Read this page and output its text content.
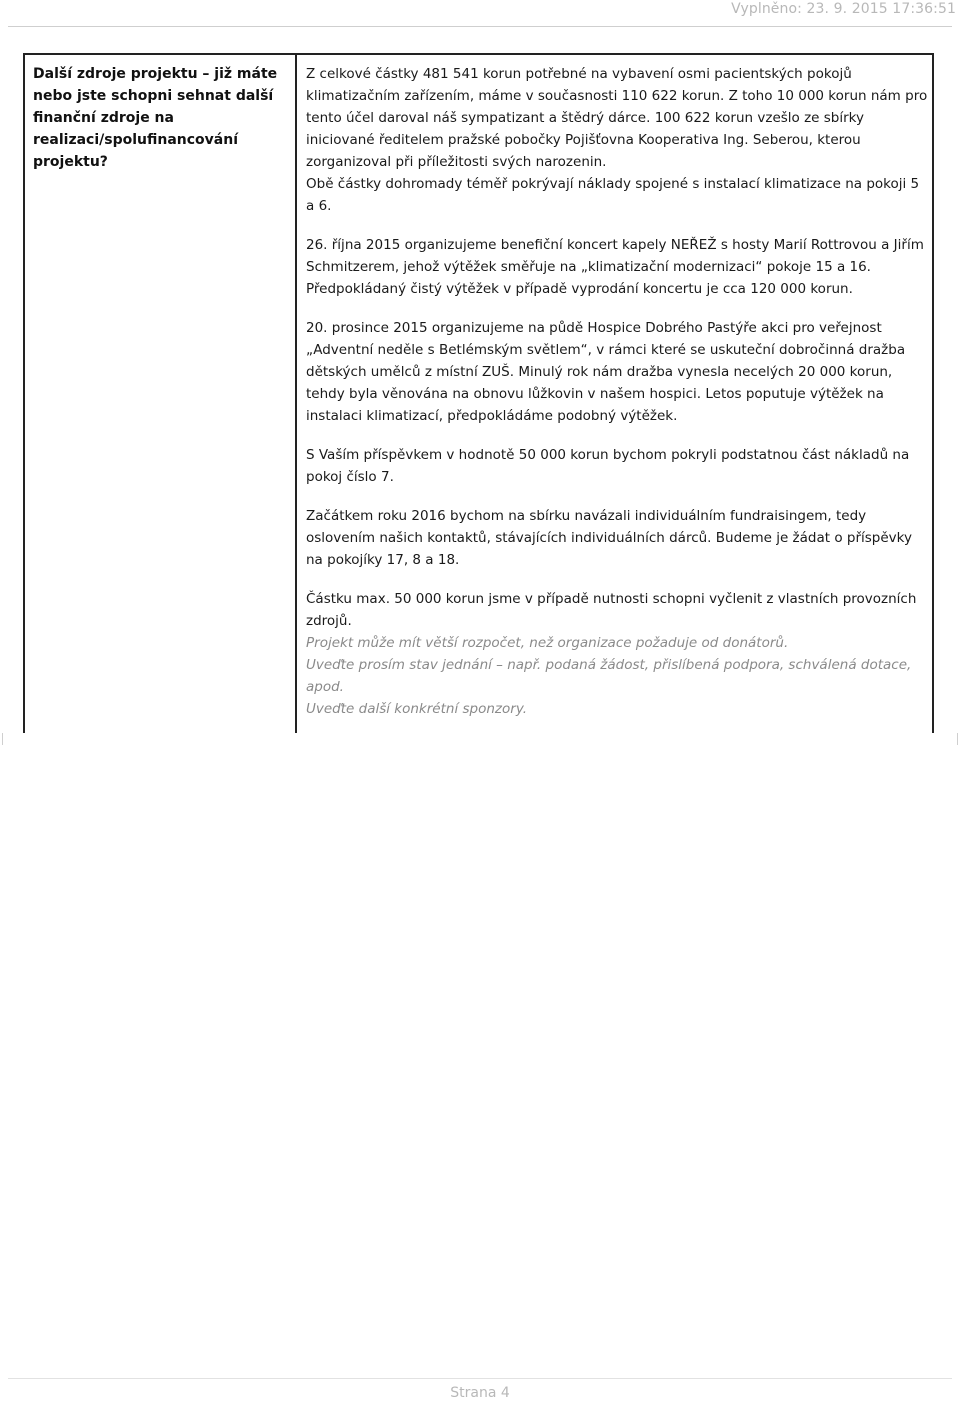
Vyplněno: 23. 9. 2015 17:36:51
Další zdroje projektu – již máte nebo jste schopni sehnat další finanční zdroje na realizaci/spolufinancování projektu?

Z celkové částky 481 541 korun potřebné na vybavení osmi pacientských pokojů klimatizačním zařízením, máme v současnosti 110 622 korun. Z toho 10 000 korun nám pro tento účel daroval náš sympatizant a štědrý dárce. 100 622 korun vzešlo ze sbírky iniciované ředitelem pražské pobočky Pojišťovna Kooperativa Ing. Seberou, kterou zorganizoval při příležitosti svých narozenin.

Obě částky dohromady téměř pokrývají náklady spojené s instalací klimatizace na pokoji 5 a 6.

26. října 2015 organizujeme benefiční koncert kapely NEŘEŽ s hosty Marií Rottrovou a Jiřím Schmitzerem, jehož výtěžek směřuje na „klimatizační modernizaci“ pokoje 15 a 16. Předpokládaný čistý výtěžek v případě vyprodání koncertu je cca 120 000 korun.

20. prosince 2015 organizujeme na půdě Hospice Dobrého Pastýře akci pro veřejnost „Adventní neděle s Betlémským světlem“, v rámci které se uskuteční dobročinná dražba dětských umělců z místní ZUŠ. Minulý rok nám dražba vynesla necelých 20 000 korun, tehdy byla věnována na obnovu lůžkovin v našem hospici. Letos poputuje výtěžek na instalaci klimatizací, předpokládáme podobný výtěžek.

S Vaším příspěvkem v hodnotě 50 000 korun bychom pokryli podstatnou část nákladů na pokoj číslo 7.

Začátkem roku 2016 bychom na sbírku navázali individuálním fundraisingem, tedy oslovením našich kontaktů, stávajících individuálních dárců. Budeme je žádat o příspěvky na pokojíky 17, 8 a 18.

Částku max. 50 000 korun jsme v případě nutnosti schopni vyčlenit z vlastních provozních zdrojů.

Projekt může mít větší rozpočet, než organizace požaduje od donátorů.
Uveďte prosím stav jednání – např. podaná žádost, přislíbená podpora, schválená dotace, apod.
Uveďte další konkrétní sponzory.
Strana 4
